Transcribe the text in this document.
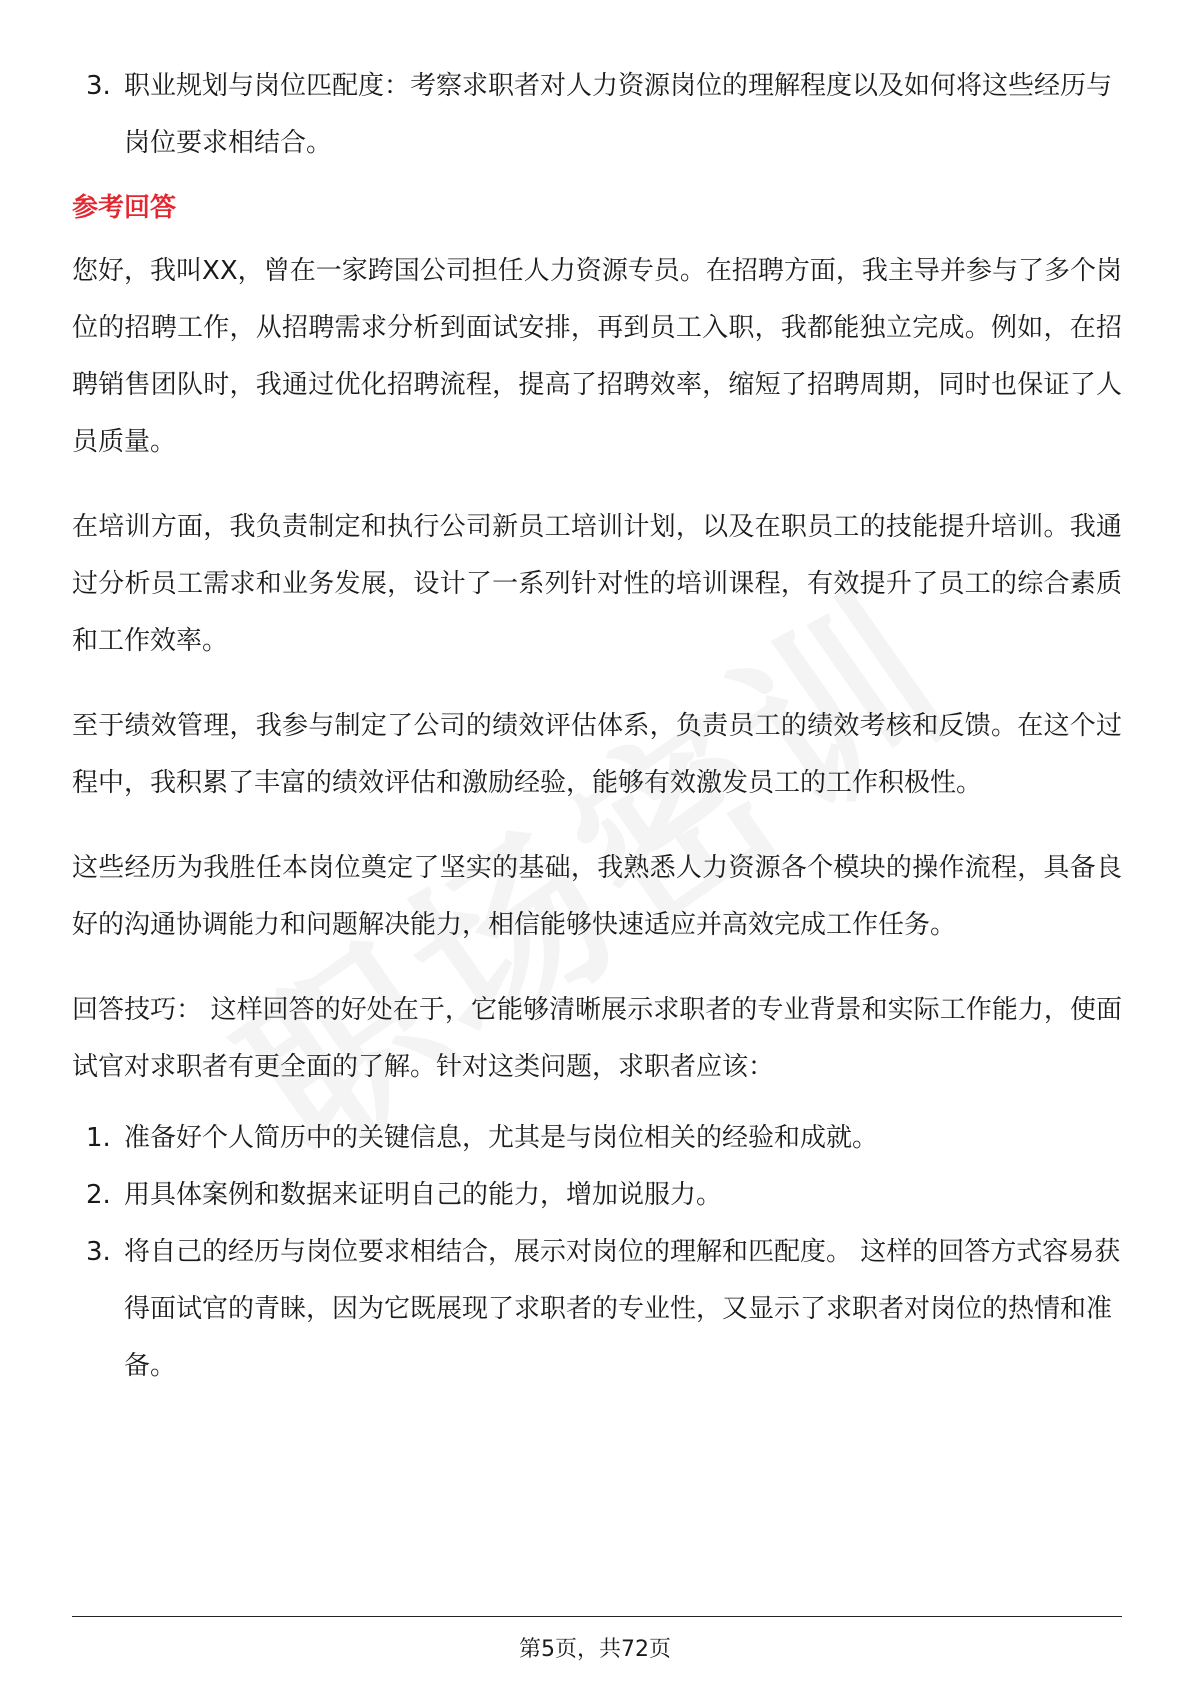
3. 职业规划与岗位匹配度：考察求职者对人力资源岗位的理解程度以及如何将这些经历与岗位要求相结合。
参考回答

您好，我叫XX，曾在一家跨国公司担任人力资源专员。在招聘方面，我主导并参与了多个岗位的招聘工作，从招聘需求分析到面试安排，再到员工入职，我都能独立完成。例如，在招聘销售团队时，我通过优化招聘流程，提高了招聘效率，缩短了招聘周期，同时也保证了人员质量。

在培训方面，我负责制定和执行公司新员工培训计划，以及在职员工的技能提升培训。我通过分析员工需求和业务发展，设计了一系列针对性的培训课程，有效提升了员工的综合素质和工作效率。

至于绩效管理，我参与制定了公司的绩效评估体系，负责员工的绩效考核和反馈。在这个过程中，我积累了丰富的绩效评估和激励经验，能够有效激发员工的工作积极性。

这些经历为我胜任本岗位奠定了坚实的基础，我熟悉人力资源各个模块的操作流程，具备良好的沟通协调能力和问题解决能力，相信能够快速适应并高效完成工作任务。

回答技巧： 这样回答的好处在于，它能够清晰展示求职者的专业背景和实际工作能力，使面试官对求职者有更全面的了解。针对这类问题，求职者应该：

1. 准备好个人简历中的关键信息，尤其是与岗位相关的经验和成就。
2. 用具体案例和数据来证明自己的能力，增加说服力。
3. 将自己的经历与岗位要求相结合，展示对岗位的理解和匹配度。 这样的回答方式容易获得面试官的青睐，因为它既展现了求职者的专业性，又显示了求职者对岗位的热情和准备。
第5页，共72页
